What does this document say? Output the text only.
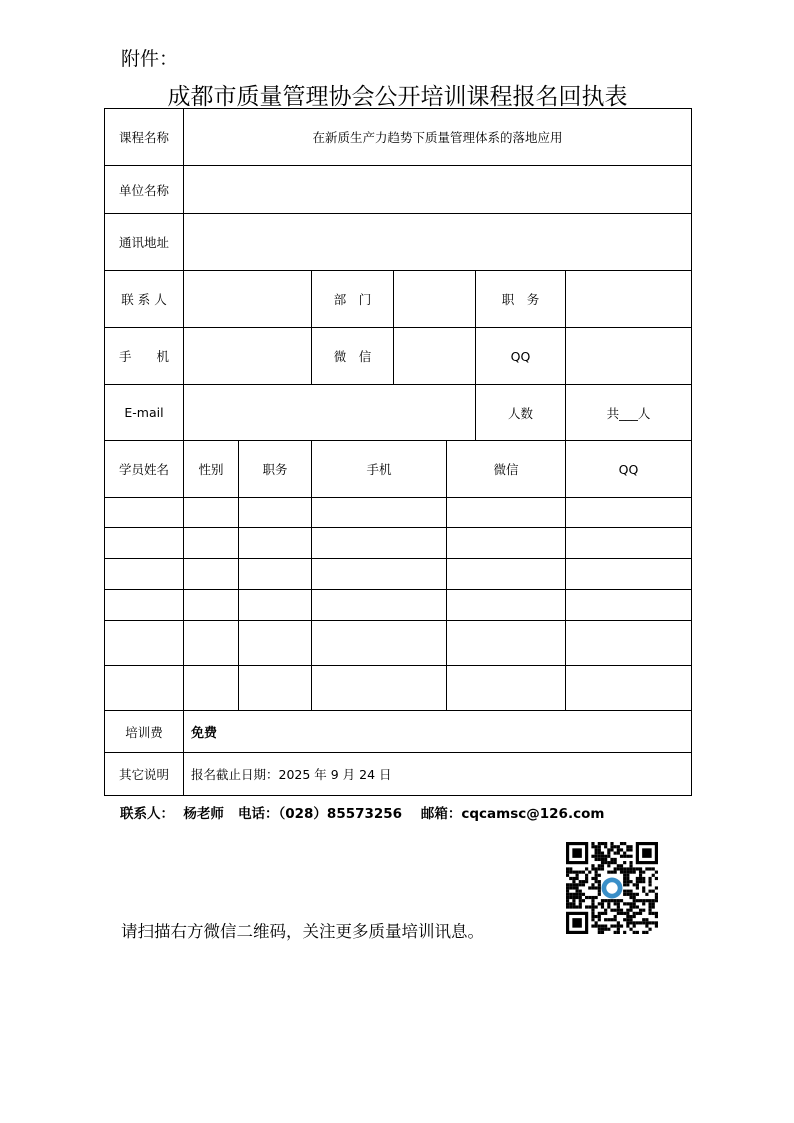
附件：
成都市质量管理协会公开培训课程报名回执表
课程名称	在新质生产力趋势下质量管理体系的落地应用						
单位名称							
通讯地址							
联 系 人			部　门			职　务	
手　　机			微　信			QQ	
E-mail						人数	共___人
学员姓名	性别	职务	手机		微信		QQ

培训费	免费						
其它说明	报名截止日期：2025 年 9 月 24 日						
联系人：  杨老师   电话：（028）85573256    邮箱：cqcamsc@126.com
请扫描右方微信二维码，关注更多质量培训讯息。
